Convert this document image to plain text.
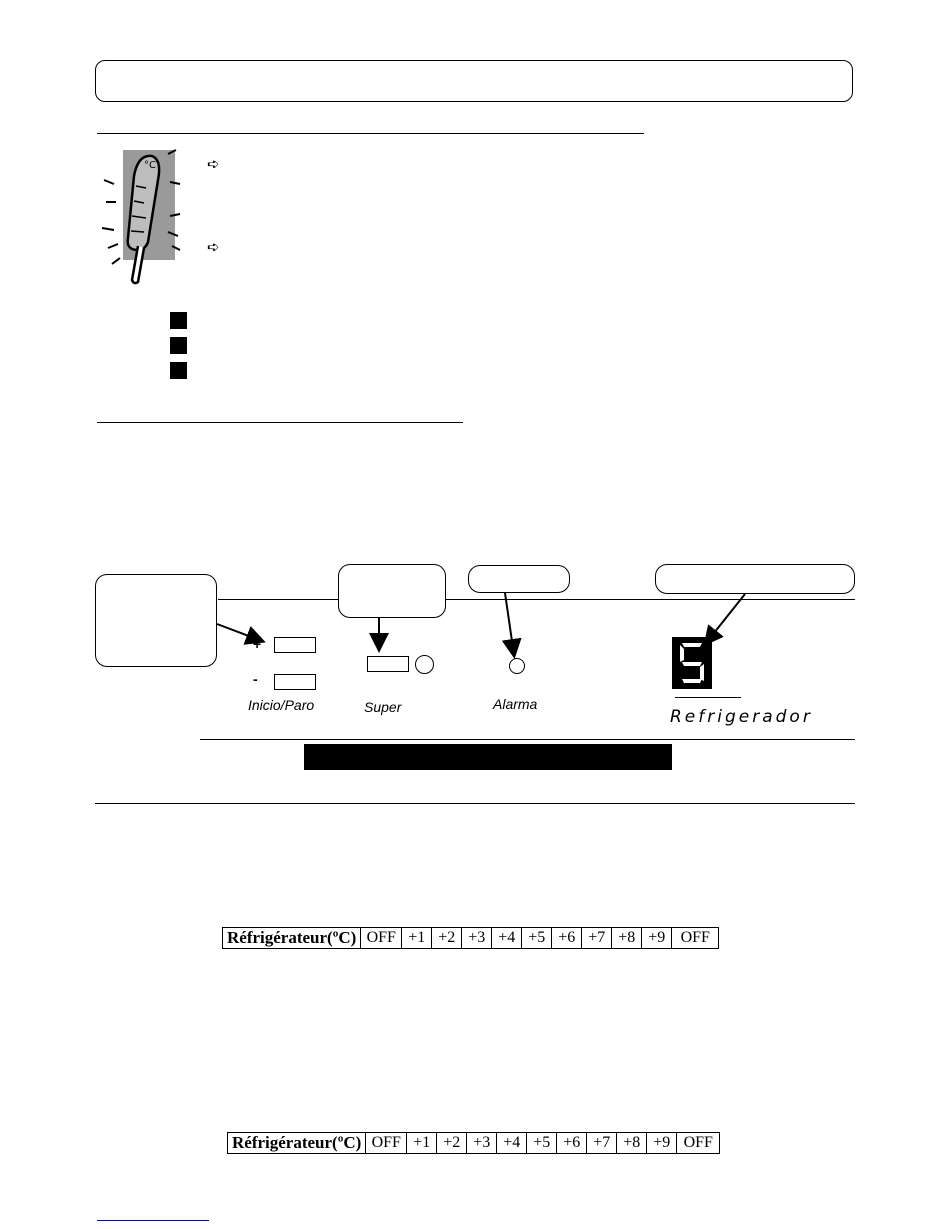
°C	➪
➪
+
-
Inicio/Paro	Super	Alarma
Refrigerador
Réfrigérateur(ºC)	OFF	+1	+2	+3	+4	+5	+6	+7	+8	+9	OFF
Réfrigérateur(ºC)	OFF	+1	+2	+3	+4	+5	+6	+7	+8	+9	OFF
